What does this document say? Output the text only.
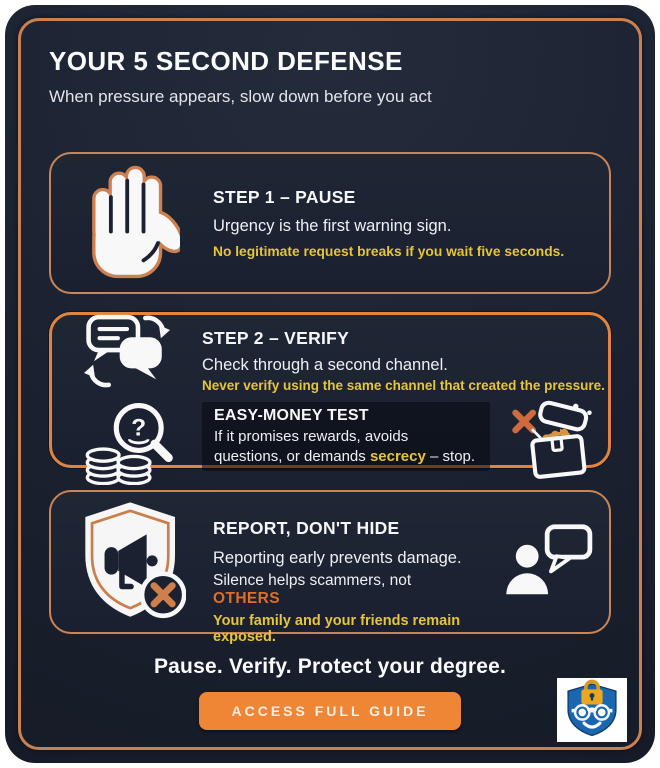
YOUR 5 SECOND DEFENSE

When pressure appears, slow down before you act

STEP 1 – PAUSE

Urgency is the first warning sign.

No legitimate request breaks if you wait five seconds.

STEP 2 – VERIFY

Check through a second channel.

Never verify using the same channel that created the pressure.

?	EASY-MONEY TEST

If it promises rewards, avoids

questions, or demands secrecy – stop.

REPORT, DON'T HIDE

Reporting early prevents damage.

Silence helps scammers, not OTHERS

Your family and your friends remain exposed.

Pause. Verify. Protect your degree.

ACCESS FULL GUIDE
